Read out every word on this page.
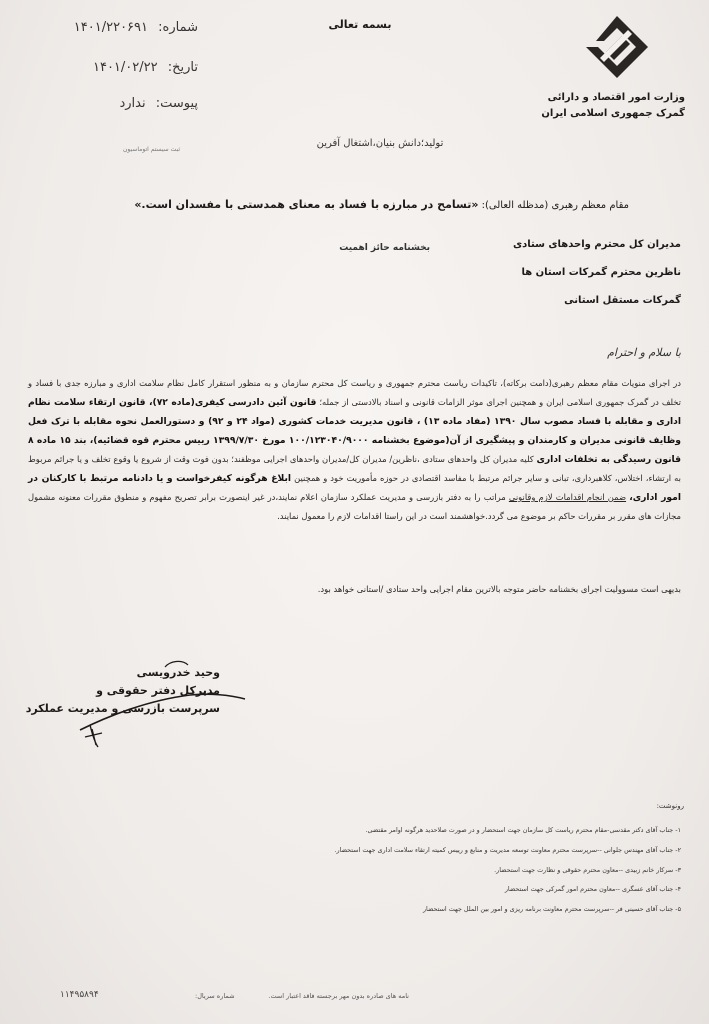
بسمه تعالی
شماره: ۱۴۰۱/۲۲۰۶۹۱
تاریخ: ۱۴۰۱/۰۲/۲۲
پیوست: ندارد
ثبت سیستم اتوماسیون
وزارت امور اقتصاد و دارائی
گمرک جمهوری اسلامی ایران
تولید؛دانش بنیان،اشتغال آفرین
مقام معظم رهبری (مدظله العالی): «تسامح در مبارزه با فساد به معنای همدستی با مفسدان است.»
بخشنامه حائز اهمیت	مدیران کل محترم واحدهای ستادی
ناظرین محترم گمرکات استان ها
گمرکات مستقل استانی
با سلام و احترام
در اجرای منویات مقام معظم رهبری(دامت برکاته)، تاکیدات ریاست محترم جمهوری و ریاست کل محترم سازمان و به منظور استقرار کامل نظام سلامت اداری و مبارزه جدی با فساد و تخلف در گمرک جمهوری اسلامی ایران و همچنین اجرای موثر الزامات قانونی و اسناد بالادستی از جمله؛ قانون آئین دادرسی کیفری(ماده ۷۲)، قانون ارتقاء سلامت نظام اداری و مقابله با فساد مصوب سال ۱۳۹۰ (مفاد ماده ۱۳) ، قانون مدیریت خدمات کشوری (مواد ۲۴ و ۹۲) و دستورالعمل نحوه مقابله با ترک فعل وظایف قانونی مدیران و کارمندان و پیشگیری از آن(موضوع بخشنامه ۱۰۰/۱۲۳۰۴۰/۹۰۰۰ مورخ ۱۳۹۹/۷/۳۰ رییس محترم قوه قضائیه)، بند ۱۵ ماده ۸ قانون رسیدگی به تخلفات اداری کلیه مدیران کل واحدهای ستادی ،ناظرین/ مدیران کل/مدیران واحدهای اجرایی موظفند؛ بدون فوت وقت از شروع یا وقوع تخلف و یا جرائم مربوط به ارتشاء، اختلاس، کلاهبرداری، تبانی و سایر جرائم مرتبط با مفاسد اقتصادی در حوزه مأموریت خود و همچنین ابلاغ هرگونه کیفرخواست و یا دادنامه مرتبط با کارکنان در امور اداری، ضمن انجام اقدامات لازم وقانونی مراتب را به دفتر بازرسی و مدیریت عملکرد سازمان اعلام نمایند،در غیر اینصورت برابر تصریح مفهوم و منطوق مقررات معنونه مشمول مجازات های مقرر بر مقررات حاکم بر موضوع می گردد.خواهشمند است در این راستا اقدامات لازم را معمول نمایند.
بدیهی است مسوولیت اجرای بخشنامه حاضر متوجه بالاترین مقام اجرایی واحد ستادی /استانی خواهد بود.
وحید خدرویسی
مدیرکل دفتر حقوقی و
سرپرست بازرسی و مدیریت عملکرد
رونوشت:
۱- جناب آقای دکتر مقدسی-مقام محترم ریاست کل سازمان جهت استحضار و در صورت صلاحدید هرگونه اوامر مقتضی.
۲- جناب آقای مهندس جلوانی --سرپرست محترم معاونت توسعه مدیریت و منابع و رییس کمیته ارتقاء سلامت اداری جهت استحضار.
۳- سرکار خانم زبیدی --معاون محترم حقوقی و نظارت جهت استحضار.
۴- جناب آقای عسگری --معاون محترم امور گمرکی جهت استحضار
۵- جناب آقای حسینی فر --سرپرست محترم معاونت برنامه ریزی و امور بین الملل جهت استحضار
نامه های صادره بدون مهر برجسته فاقد اعتبار است.
شماره سریال:
۱۱۴۹۵۸۹۴
